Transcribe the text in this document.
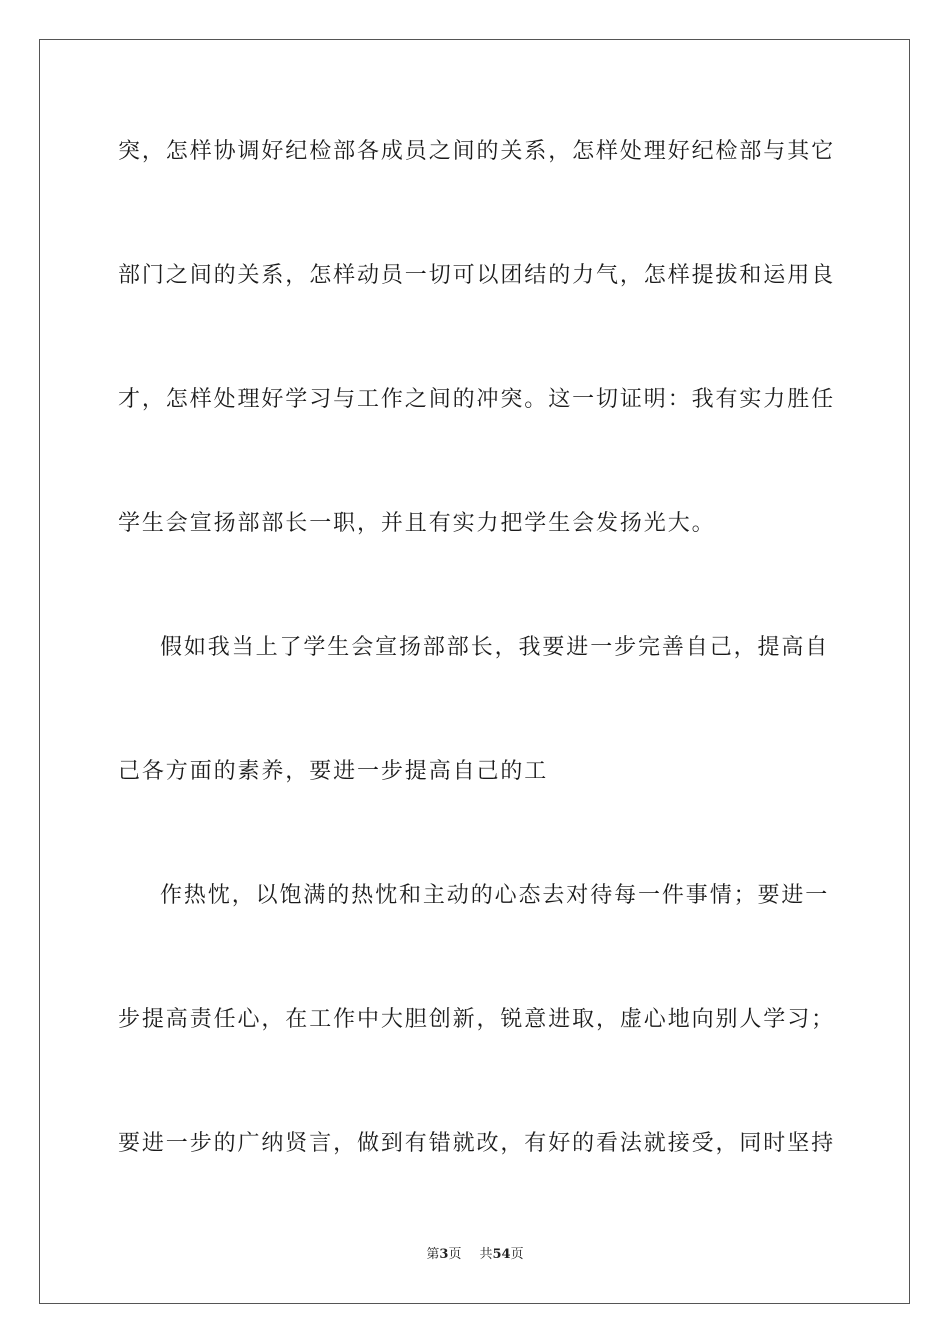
突，怎样协调好纪检部各成员之间的关系，怎样处理好纪检部与其它
部门之间的关系，怎样动员一切可以团结的力气，怎样提拔和运用良
才，怎样处理好学习与工作之间的冲突。这一切证明：我有实力胜任
学生会宣扬部部长一职，并且有实力把学生会发扬光大。
假如我当上了学生会宣扬部部长，我要进一步完善自己，提高自
己各方面的素养，要进一步提高自己的工
作热忱，以饱满的热忱和主动的心态去对待每一件事情；要进一
步提高责任心，在工作中大胆创新，锐意进取，虚心地向别人学习；
要进一步的广纳贤言，做到有错就改，有好的看法就接受，同时坚持
第3页 共54页
